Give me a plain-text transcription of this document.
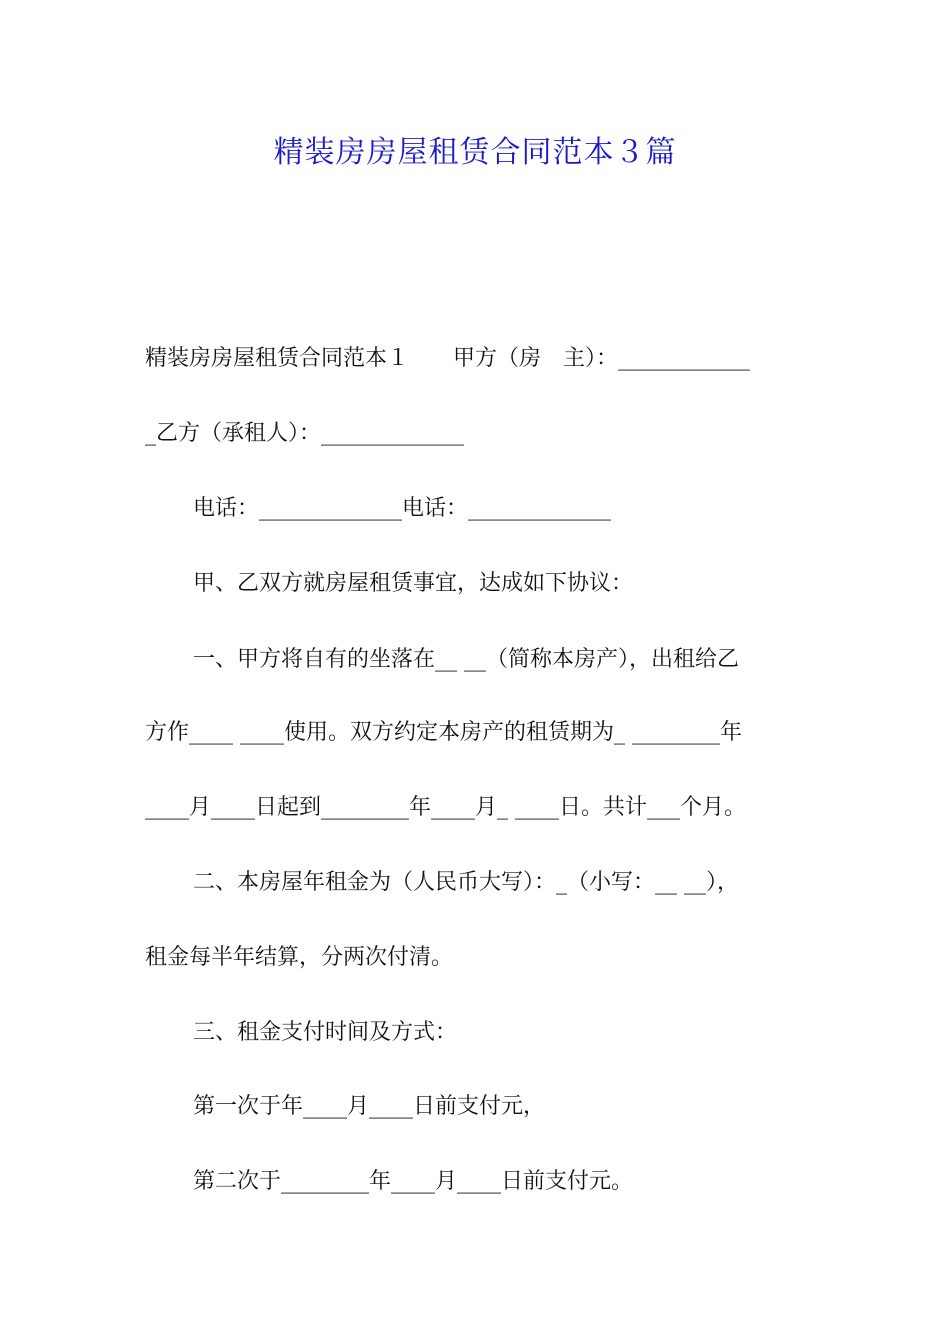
精装房房屋租赁合同范本３篇

精装房房屋租赁合同范本１　　甲方（房　主）：____________

_乙方（承租人）：_____________

电话：_____________电话：_____________

甲、乙双方就房屋租赁事宜，达成如下协议：

一、甲方将自有的坐落在__ __（简称本房产），出租给乙

方作____ ____使用。双方约定本房产的租赁期为_ ________年

____月____日起到________年____月_ ____日。共计___个月。

二、本房屋年租金为（人民币大写）：_（小写：__ __），

租金每半年结算，分两次付清。

三、租金支付时间及方式：

第一次于年____月____日前支付元，

第二次于________年____月____日前支付元。
